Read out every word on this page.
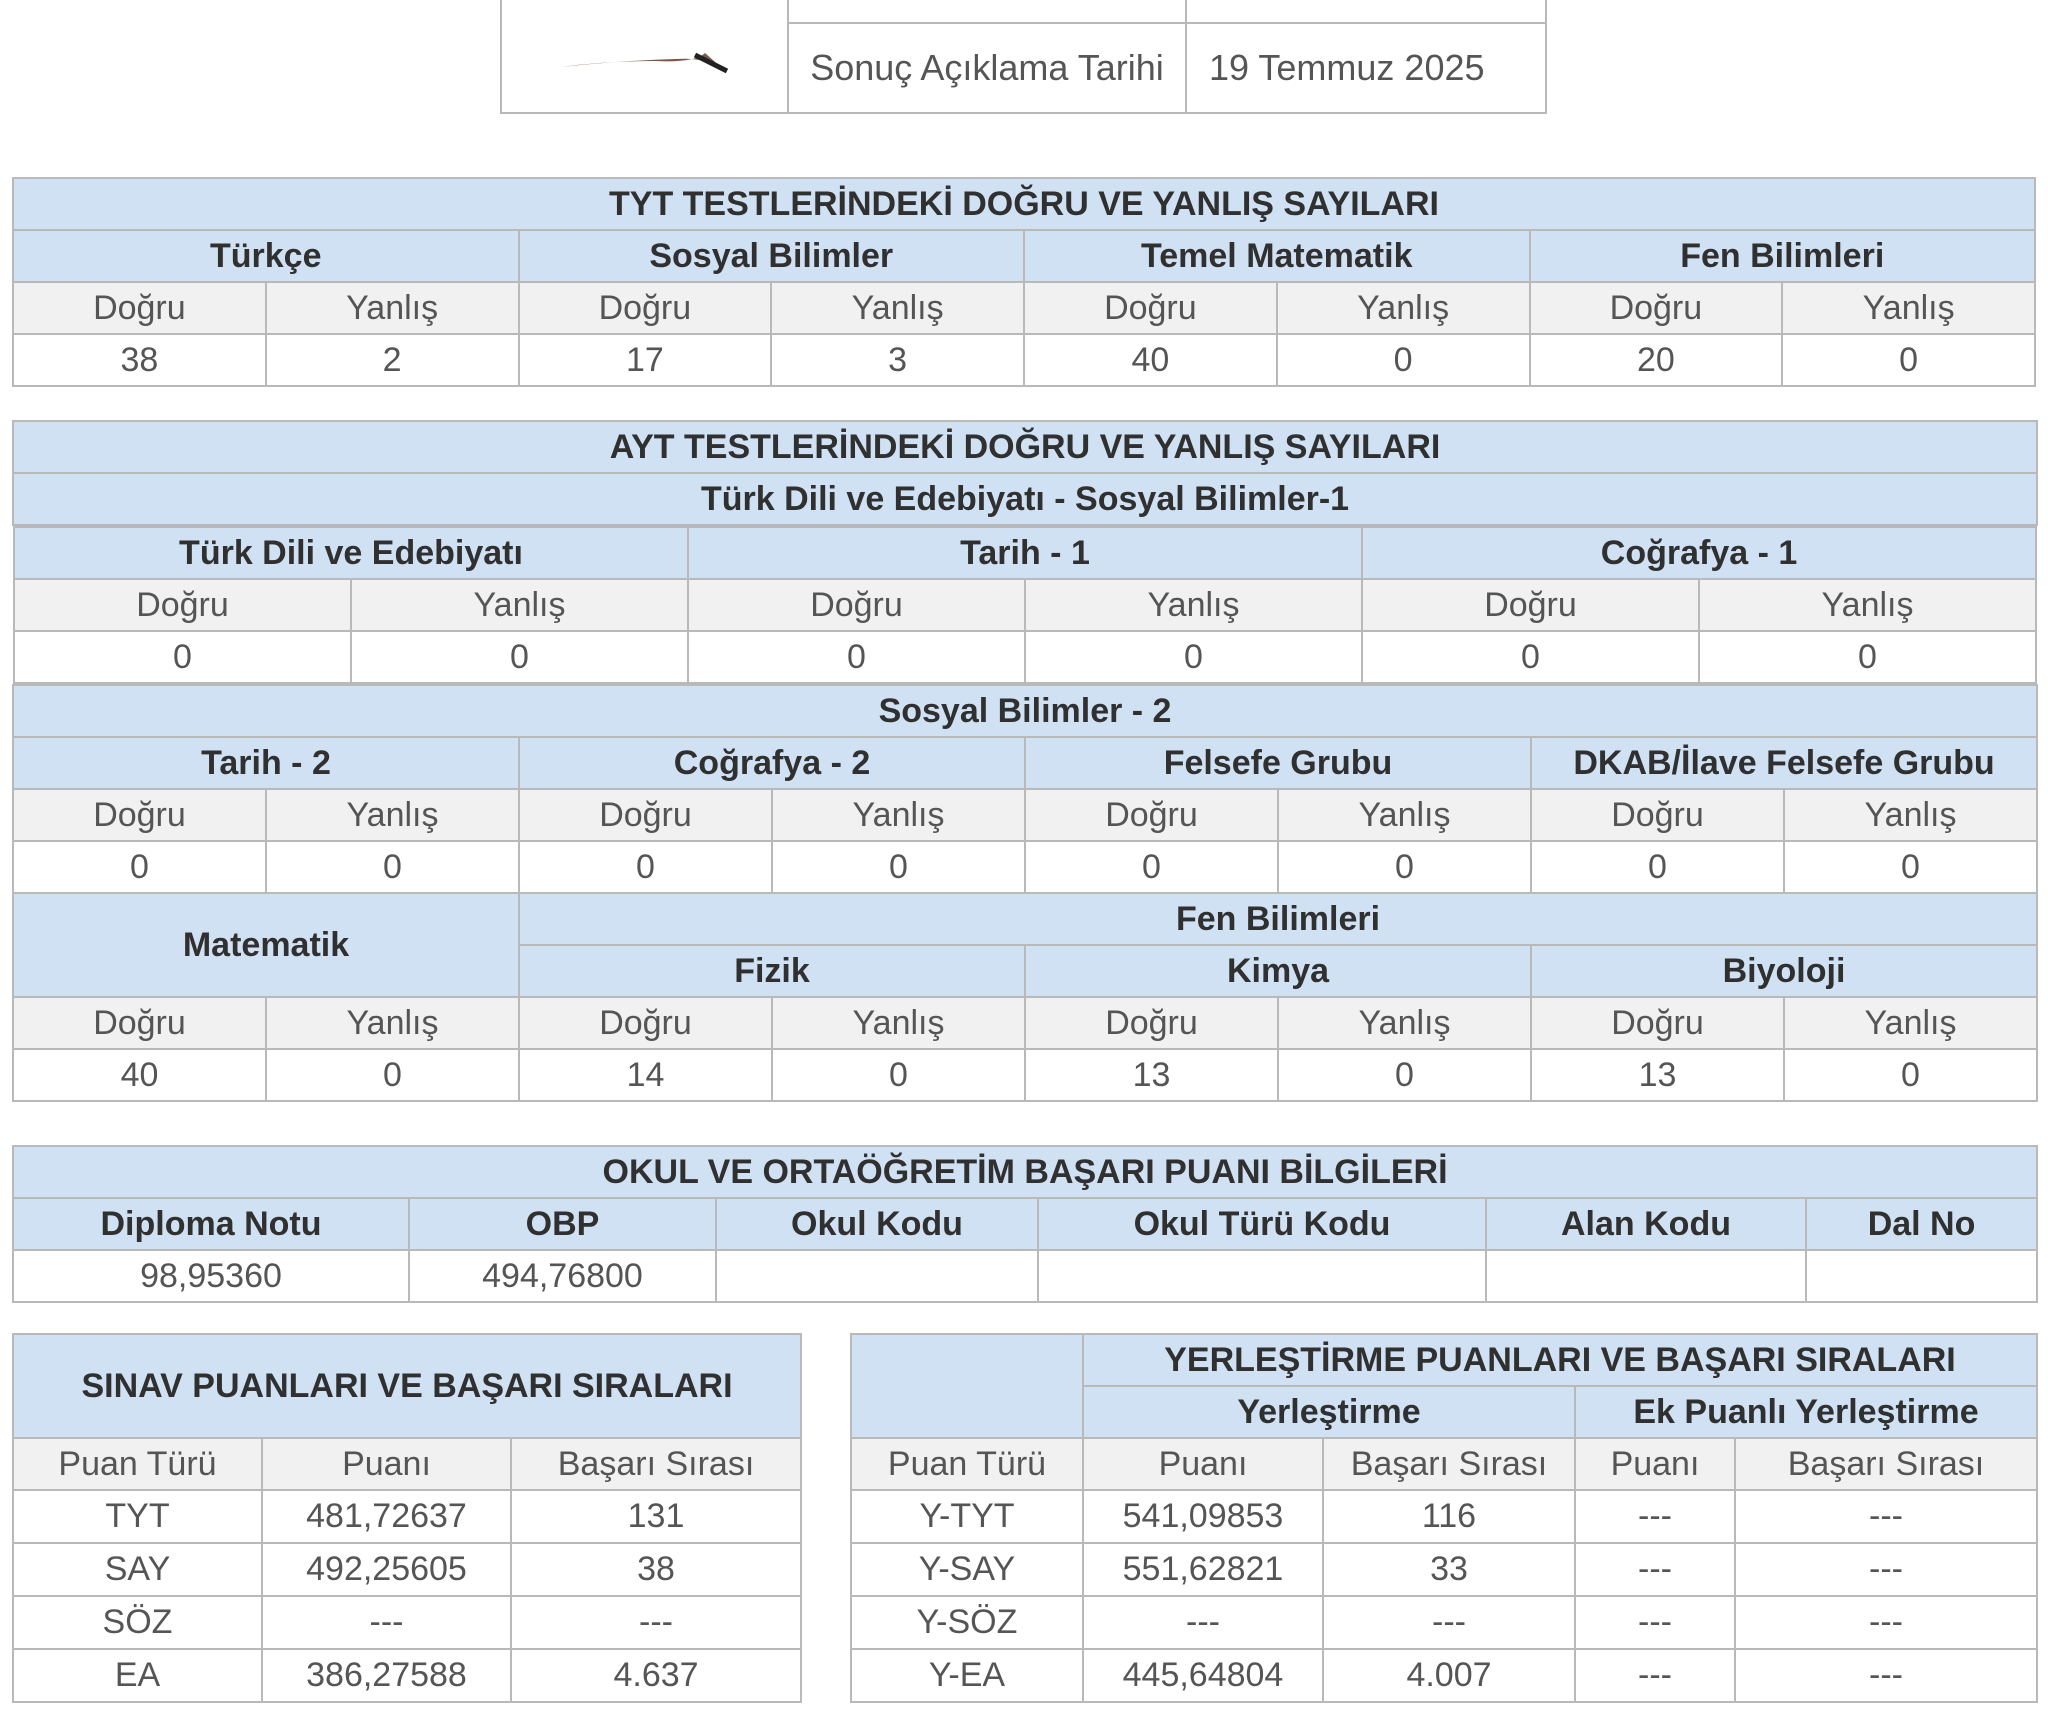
	Sonuç Açıklama Tarihi	19 Temmuz 2025
TYT TESTLERİNDEKİ DOĞRU VE YANLIŞ SAYILARI							
Türkçe		Sosyal Bilimler		Temel Matematik		Fen Bilimleri	
Doğru	Yanlış	Doğru	Yanlış	Doğru	Yanlış	Doğru	Yanlış
38	2	17	3	40	0	20	0
AYT TESTLERİNDEKİ DOĞRU VE YANLIŞ SAYILARI
Türk Dili ve Edebiyatı - Sosyal Bilimler-1

Türk Dili ve Edebiyatı	Tarih - 1	Coğrafya - 1
Doğru	Yanlış	Doğru	Yanlış	Doğru	Yanlış
0	0	0	0	0	0

Sosyal Bilimler - 2
Tarih - 2	Coğrafya - 2	Felsefe Grubu	DKAB/İlave Felsefe Grubu
Doğru	Yanlış	Doğru	Yanlış	Doğru	Yanlış	Doğru	Yanlış
0	0	0	0	0	0	0	0
Matematik	Fen Bilimleri
Fizik	Kimya	Biyoloji
Doğru	Yanlış	Doğru	Yanlış	Doğru	Yanlış	Doğru	Yanlış
40	0	14	0	13	0	13	0
OKUL VE ORTAÖĞRETİM BAŞARI PUANI BİLGİLERİ					
Diploma Notu	OBP	Okul Kodu	Okul Türü Kodu	Alan Kodu	Dal No
98,95360	494,76800				
SINAV PUANLARI VE BAŞARI SIRALARI		
Puan Türü	Puanı	Başarı Sırası
TYT	481,72637	131
SAY	492,25605	38
SÖZ	---	---
EA	386,27588	4.637
	YERLEŞTİRME PUANLARI VE BAŞARI SIRALARI			
	Yerleştirme		Ek Puanlı Yerleştirme	
Puan Türü	Puanı	Başarı Sırası	Puanı	Başarı Sırası
Y-TYT	541,09853	116	---	---
Y-SAY	551,62821	33	---	---
Y-SÖZ	---	---	---	---
Y-EA	445,64804	4.007	---	---
